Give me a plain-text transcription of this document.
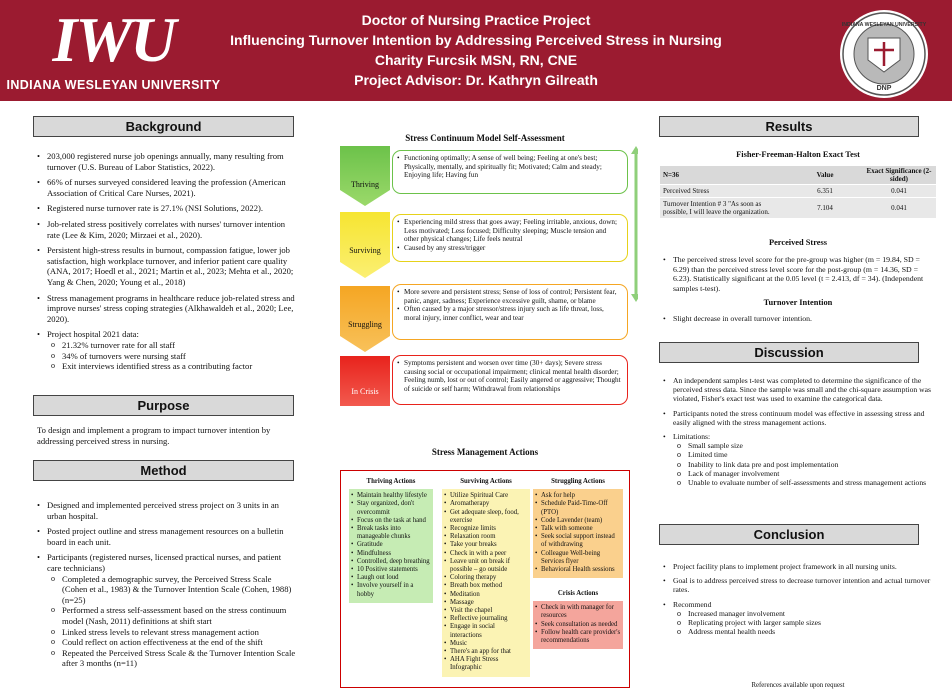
IWU
INDIANA WESLEYAN UNIVERSITY
Doctor of Nursing Practice Project
Influencing Turnover Intention by Addressing Perceived Stress in Nursing
Charity Furcsik MSN, RN, CNE
Project Advisor: Dr. Kathryn Gilreath
INDIANA WESLEYAN UNIVERSITY
DNP
Background
• 203,000 registered nurse job openings annually, many resulting from turnover (U.S. Bureau of Labor Statistics, 2022).
• 66% of nurses surveyed considered leaving the profession (American Association of Critical Care Nurses, 2021).
• Registered nurse turnover rate is 27.1% (NSI Solutions, 2022).
• Job-related stress positively correlates with nurses' turnover intention rate (Lee & Kim, 2020; Mirzaei et al., 2020).
• Persistent high-stress results in burnout, compassion fatigue, lower job satisfaction, high workplace turnover, and inferior patient care quality (ANA, 2017; Hoedl et al., 2021; Martin et al., 2023; Mehta et al., 2020; Yang & Chen, 2020; Young et al., 2018)
• Stress management programs in healthcare reduce job-related stress and improve nurses' stress coping strategies (Alkhawaldeh et al., 2020; Lee, 2020).
• Project hospital 2021 data:
o 21.32% turnover rate for all staff
o 34% of turnovers were nursing staff
o Exit interviews identified stress as a contributing factor
Purpose
To design and implement a program to impact turnover intention by addressing perceived stress in nursing.
Method
• Designed and implemented perceived stress project on 3 units in an urban hospital.
• Posted project outline and stress management resources on a bulletin board in each unit.
• Participants (registered nurses, licensed practical nurses, and patient care technicians)
o Completed a demographic survey, the Perceived Stress Scale (Cohen et al., 1983) & the Turnover Intention Scale (Cohen, 1988) (n=25)
o Performed a stress self-assessment based on the stress continuum model (Nash, 2011) definitions at shift start
o Linked stress levels to relevant stress management action
o Could reflect on action effectiveness at the end of the shift
o Repeated the Perceived Stress Scale & the Turnover Intention Scale after 3 months (n=11)
Stress Continuum Model Self-Assessment
Thriving
Surviving
Struggling
In Crisis
• Functioning optimally; A sense of well being; Feeling at one's best; Physically, mentally, and spiritually fit; Motivated; Calm and steady; Enjoying life; Having fun
• Experiencing mild stress that goes away; Feeling irritable, anxious, down; Less motivated; Less focused; Difficulty sleeping; Muscle tension and other physical changes; Life feels neutral
• Caused by any stress/trigger
• More severe and persistent stress; Sense of loss of control; Persistent fear, panic, anger, sadness; Experience excessive guilt, shame, or blame
• Often caused by a major stressor/stress injury such as life threat, loss, moral injury, inner conflict, wear and tear
• Symptoms persistent and worsen over time (30+ days); Severe stress causing social or occupational impairment; clinical mental health disorder; Feeling numb, lost or out of control; Easily angered or aggressive; Thought of suicide or self harm; Withdrawal from relationships
Stress Management Actions
Thriving Actions
• Maintain healthy lifestyle
• Stay organized, don't overcommit
• Focus on the task at hand
• Break tasks into manageable chunks
• Gratitude
• Mindfulness
• Controlled, deep breathing
• 10 Positive statements
• Laugh out loud
• Involve yourself in a hobby
Surviving Actions
• Utilize Spiritual Care
• Aromatherapy
• Get adequate sleep, food, exercise
• Recognize limits
• Relaxation room
• Take your breaks
• Check in with a peer
• Leave unit on break if possible – go outside
• Coloring therapy
• Breath box method
• Meditation
• Massage
• Visit the chapel
• Reflective journaling
• Engage in social interactions
• Music
• There's an app for that
• AHA Fight Stress Infographic
Struggling Actions
• Ask for help
• Schedule Paid-Time-Off (PTO)
• Code Lavender (team)
• Talk with someone
• Seek social support instead of withdrawing
• Colleague Well-being Services flyer
• Behavioral Health sessions
Crisis Actions
• Check in with manager for resources
• Seek consultation as needed
• Follow health care provider's recommendations
Results
Fisher-Freeman-Halton Exact Test
N=36	Value	Exact Significance (2-sided)
Perceived Stress	6.351	0.041
Turnover Intention # 3 "As soon as possible, I will leave the organization.	7.104	0.041
Perceived Stress
• The perceived stress level score for the pre-group was higher (m = 19.84, SD = 6.29) than the perceived stress level score for the post-group (m = 14.36, SD = 6.23). Statistically significant at the 0.05 level (t = 2.413, df = 34). (Independent samples t-test).
Turnover Intention
• Slight decrease in overall turnover intention.
Discussion
• An independent samples t-test was completed to determine the significance of the perceived stress data. Since the sample was small and the chi-square assumption was violated, Fisher's exact test was used to examine the categorical data.
• Participants noted the stress continuum model was effective in assessing stress and easily aligned with the stress management actions.
• Limitations:
o Small sample size
o Limited time
o Inability to link data pre and post implementation
o Lack of manager involvement
o Unable to evaluate number of self-assessments and stress management actions
Conclusion
• Project facility plans to implement project framework in all nursing units.
• Goal is to address perceived stress to decrease turnover intention and actual turnover rates.
• Recommend
o Increased manager involvement
o Replicating project with larger sample sizes
o Address mental health needs
References available upon request
